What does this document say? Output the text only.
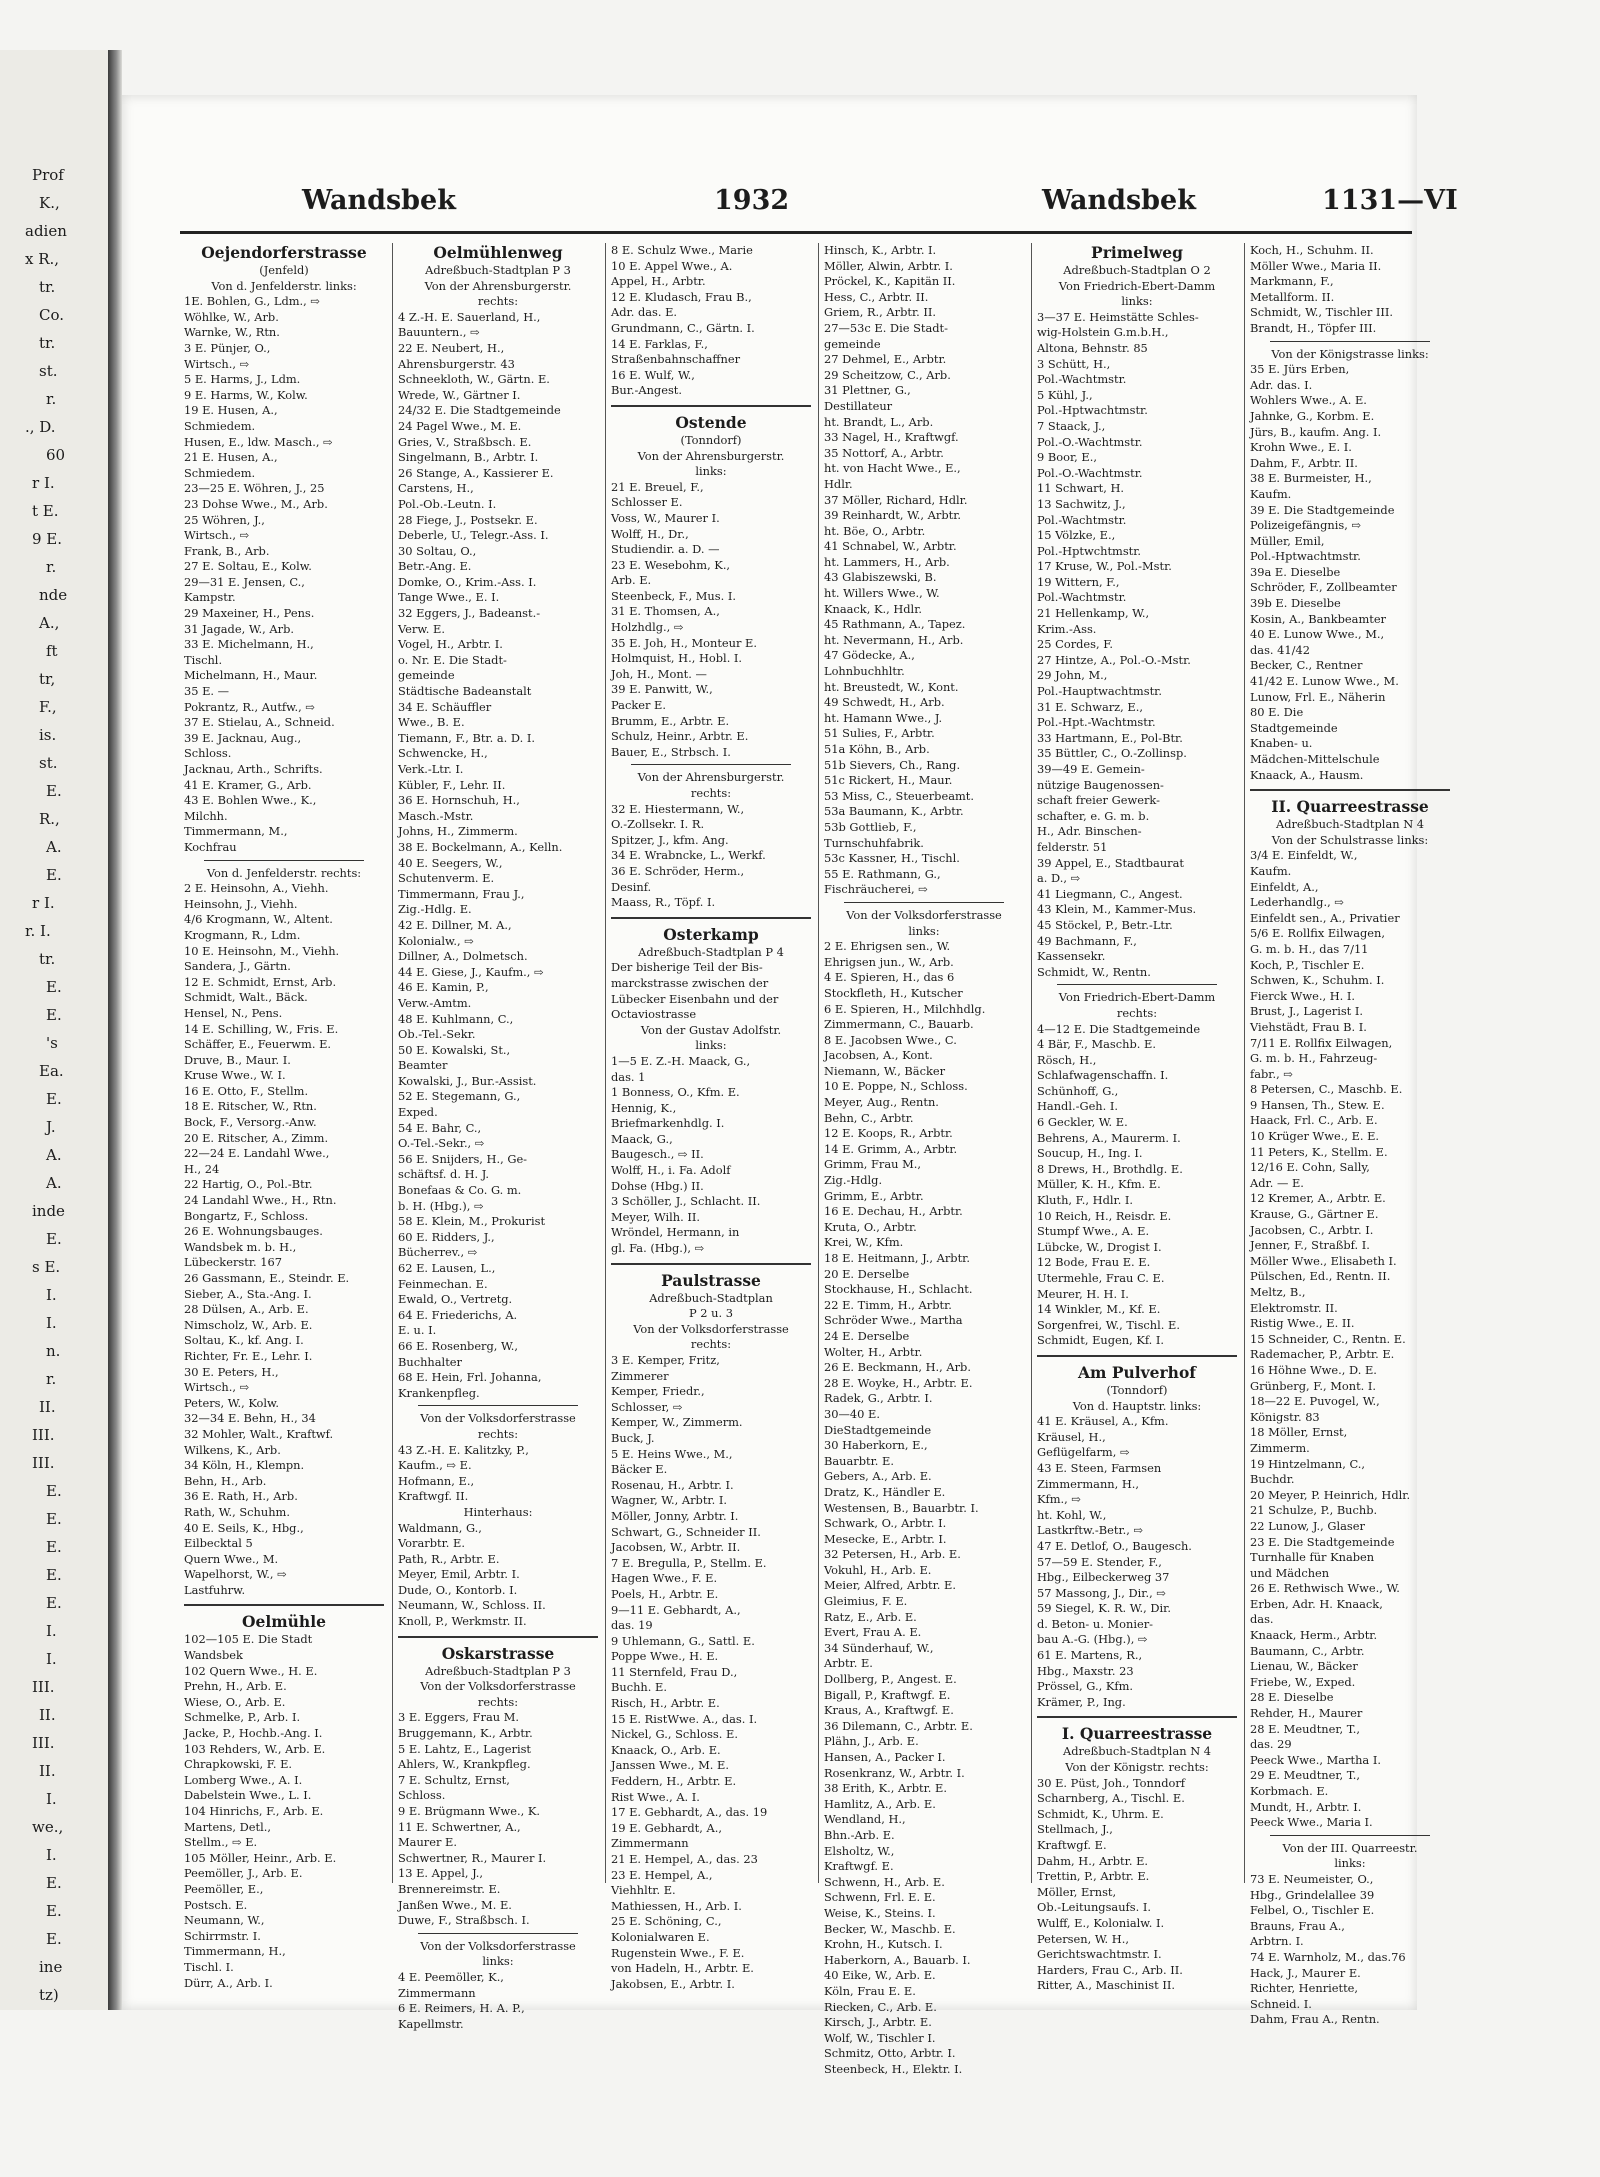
Prof
K.,
adien
x R.,
tr.
Co.
tr.
st.
r.
., D.
60
r I.
t E.
9 E.
r.
nde
A.,
ft
tr,
F.,
is.
st.
E.
R.,
A.
E.
r I.
r. I.
tr.
E.
E.
's
Ea.
E.
J.
A.
A.
inde
E.
s E.
I.
I.
n.
r.
II.
III.
III.
E.
E.
E.
E.
E.
I.
I.
III.
II.
III.
II.
I.
we.,
I.
E.
E.
E.
ine
tz)
Wandsbek	1932	Wandsbek	1131—VI
Oejendorferstrasse
(Jenfeld)
Von d. Jenfelderstr. links:
1E. Bohlen, G., Ldm., ⇨
Wöhlke, W., Arb.
Warnke, W., Rtn.
3 E. Pünjer, O.,
Wirtsch., ⇨
5 E. Harms, J., Ldm.
9 E. Harms, W., Kolw.
19 E. Husen, A.,
Schmiedem.
Husen, E., ldw. Masch., ⇨
21 E. Husen, A.,
Schmiedem.
23—25 E. Wöhren, J., 25
23 Dohse Wwe., M., Arb.
25 Wöhren, J.,
Wirtsch., ⇨
Frank, B., Arb.
27 E. Soltau, E., Kolw.
29—31 E. Jensen, C.,
Kampstr.
29 Maxeiner, H., Pens.
31 Jagade, W., Arb.
33 E. Michelmann, H.,
Tischl.
Michelmann, H., Maur.
35 E. —
Pokrantz, R., Autfw., ⇨
37 E. Stielau, A., Schneid.
39 E. Jacknau, Aug.,
Schloss.
Jacknau, Arth., Schrifts.
41 E. Kramer, G., Arb.
43 E. Bohlen Wwe., K.,
Milchh.
Timmermann, M.,
Kochfrau
Von d. Jenfelderstr. rechts:
2 E. Heinsohn, A., Viehh.
Heinsohn, J., Viehh.
4/6 Krogmann, W., Altent.
Krogmann, R., Ldm.
10 E. Heinsohn, M., Viehh.
Sandera, J., Gärtn.
12 E. Schmidt, Ernst, Arb.
Schmidt, Walt., Bäck.
Hensel, N., Pens.
14 E. Schilling, W., Fris. E.
Schäffer, E., Feuerwm. E.
Druve, B., Maur. I.
Kruse Wwe., W. I.
16 E. Otto, F., Stellm.
18 E. Ritscher, W., Rtn.
Bock, F., Versorg.-Anw.
20 E. Ritscher, A., Zimm.
22—24 E. Landahl Wwe.,
H., 24
22 Hartig, O., Pol.-Btr.
24 Landahl Wwe., H., Rtn.
Bongartz, F., Schloss.
26 E. Wohnungsbauges.
Wandsbek m. b. H.,
Lübeckerstr. 167
26 Gassmann, E., Steindr. E.
Sieber, A., Sta.-Ang. I.
28 Dülsen, A., Arb. E.
Nimscholz, W., Arb. E.
Soltau, K., kf. Ang. I.
Richter, Fr. E., Lehr. I.
30 E. Peters, H.,
Wirtsch., ⇨
Peters, W., Kolw.
32—34 E. Behn, H., 34
32 Mohler, Walt., Kraftwf.
Wilkens, K., Arb.
34 Köln, H., Klempn.
Behn, H., Arb.
36 E. Rath, H., Arb.
Rath, W., Schuhm.
40 E. Seils, K., Hbg.,
Eilbecktal 5
Quern Wwe., M.
Wapelhorst, W., ⇨
Lastfuhrw.
Oelmühle
102—105 E. Die Stadt
Wandsbek
102 Quern Wwe., H. E.
Prehn, H., Arb. E.
Wiese, O., Arb. E.
Schmelke, P., Arb. I.
Jacke, P., Hochb.-Ang. I.
103 Rehders, W., Arb. E.
Chrapkowski, F. E.
Lomberg Wwe., A. I.
Dabelstein Wwe., L. I.
104 Hinrichs, F., Arb. E.
Martens, Detl.,
Stellm., ⇨ E.
105 Möller, Heinr., Arb. E.
Peemöller, J., Arb. E.
Peemöller, E.,
Postsch. E.
Neumann, W.,
Schirrmstr. I.
Timmermann, H.,
Tischl. I.
Dürr, A., Arb. I.
Oelmühlenweg
Adreßbuch-Stadtplan P 3
Von der Ahrensburgerstr.
rechts:
4 Z.-H. E. Sauerland, H.,
Bauuntern., ⇨
22 E. Neubert, H.,
Ahrensburgerstr. 43
Schneekloth, W., Gärtn. E.
Wrede, W., Gärtner I.
24/32 E. Die Stadtgemeinde
24 Pagel Wwe., M. E.
Gries, V., Straßbsch. E.
Singelmann, B., Arbtr. I.
26 Stange, A., Kassierer E.
Carstens, H.,
Pol.-Ob.-Leutn. I.
28 Fiege, J., Postsekr. E.
Deberle, U., Telegr.-Ass. I.
30 Soltau, O.,
Betr.-Ang. E.
Domke, O., Krim.-Ass. I.
Tange Wwe., E. I.
32 Eggers, J., Badeanst.-
Verw. E.
Vogel, H., Arbtr. I.
o. Nr. E. Die Stadt-
gemeinde
Städtische Badeanstalt
34 E. Schäuffler
Wwe., B. E.
Tiemann, F., Btr. a. D. I.
Schwencke, H.,
Verk.-Ltr. I.
Kübler, F., Lehr. II.
36 E. Hornschuh, H.,
Masch.-Mstr.
Johns, H., Zimmerm.
38 E. Bockelmann, A., Kelln.
40 E. Seegers, W.,
Schutenverm. E.
Timmermann, Frau J.,
Zig.-Hdlg. E.
42 E. Dillner, M. A.,
Kolonialw., ⇨
Dillner, A., Dolmetsch.
44 E. Giese, J., Kaufm., ⇨
46 E. Kamin, P.,
Verw.-Amtm.
48 E. Kuhlmann, C.,
Ob.-Tel.-Sekr.
50 E. Kowalski, St.,
Beamter
Kowalski, J., Bur.-Assist.
52 E. Stegemann, G.,
Exped.
54 E. Bahr, C.,
O.-Tel.-Sekr., ⇨
56 E. Snijders, H., Ge-
schäftsf. d. H. J.
Bonefaas & Co. G. m.
b. H. (Hbg.), ⇨
58 E. Klein, M., Prokurist
60 E. Ridders, J.,
Bücherrev., ⇨
62 E. Lausen, L.,
Feinmechan. E.
Ewald, O., Vertretg.
64 E. Friederichs, A.
E. u. I.
66 E. Rosenberg, W.,
Buchhalter
68 E. Hein, Frl. Johanna,
Krankenpfleg.
Von der Volksdorferstrasse
rechts:
43 Z.-H. E. Kalitzky, P.,
Kaufm., ⇨ E.
Hofmann, E.,
Kraftwgf. II.
Hinterhaus:
Waldmann, G.,
Vorarbtr. E.
Path, R., Arbtr. E.
Meyer, Emil, Arbtr. I.
Dude, O., Kontorb. I.
Neumann, W., Schloss. II.
Knoll, P., Werkmstr. II.
Oskarstrasse
Adreßbuch-Stadtplan P 3
Von der Volksdorferstrasse
rechts:
3 E. Eggers, Frau M.
Bruggemann, K., Arbtr.
5 E. Lahtz, E., Lagerist
Ahlers, W., Krankpfleg.
7 E. Schultz, Ernst,
Schloss.
9 E. Brügmann Wwe., K.
11 E. Schwertner, A.,
Maurer E.
Schwertner, R., Maurer I.
13 E. Appel, J.,
Brennereimstr. E.
Janßen Wwe., M. E.
Duwe, F., Straßbsch. I.
Von der Volksdorferstrasse
links:
4 E. Peemöller, K.,
Zimmermann
6 E. Reimers, H. A. P.,
Kapellmstr.
8 E. Schulz Wwe., Marie
10 E. Appel Wwe., A.
Appel, H., Arbtr.
12 E. Kludasch, Frau B.,
Adr. das. E.
Grundmann, C., Gärtn. I.
14 E. Farklas, F.,
Straßenbahnschaffner
16 E. Wulf, W.,
Bur.-Angest.
Ostende
(Tonndorf)
Von der Ahrensburgerstr.
links:
21 E. Breuel, F.,
Schlosser E.
Voss, W., Maurer I.
Wolff, H., Dr.,
Studiendir. a. D. —
23 E. Wesebohm, K.,
Arb. E.
Steenbeck, F., Mus. I.
31 E. Thomsen, A.,
Holzhdlg., ⇨
35 E. Joh, H., Monteur E.
Holmquist, H., Hobl. I.
Joh, H., Mont. —
39 E. Panwitt, W.,
Packer E.
Brumm, E., Arbtr. E.
Schulz, Heinr., Arbtr. E.
Bauer, E., Strbsch. I.
Von der Ahrensburgerstr.
rechts:
32 E. Hiestermann, W.,
O.-Zollsekr. I. R.
Spitzer, J., kfm. Ang.
34 E. Wrabncke, L., Werkf.
36 E. Schröder, Herm.,
Desinf.
Maass, R., Töpf. I.
Osterkamp
Adreßbuch-Stadtplan P 4
Der bisherige Teil der Bis-
marckstrasse zwischen der
Lübecker Eisenbahn und der
Octaviostrasse
Von der Gustav Adolfstr.
links:
1—5 E. Z.-H. Maack, G.,
das. 1
1 Bonness, O., Kfm. E.
Hennig, K.,
Briefmarkenhdlg. I.
Maack, G.,
Baugesch., ⇨ II.
Wolff, H., i. Fa. Adolf
Dohse (Hbg.) II.
3 Schöller, J., Schlacht. II.
Meyer, Wilh. II.
Wröndel, Hermann, in
gl. Fa. (Hbg.), ⇨
Paulstrasse
Adreßbuch-Stadtplan
P 2 u. 3
Von der Volksdorferstrasse
rechts:
3 E. Kemper, Fritz,
Zimmerer
Kemper, Friedr.,
Schlosser, ⇨
Kemper, W., Zimmerm.
Buck, J.
5 E. Heins Wwe., M.,
Bäcker E.
Rosenau, H., Arbtr. I.
Wagner, W., Arbtr. I.
Möller, Jonny, Arbtr. I.
Schwart, G., Schneider II.
Jacobsen, W., Arbtr. II.
7 E. Bregulla, P., Stellm. E.
Hagen Wwe., F. E.
Poels, H., Arbtr. E.
9—11 E. Gebhardt, A.,
das. 19
9 Uhlemann, G., Sattl. E.
Poppe Wwe., H. E.
11 Sternfeld, Frau D.,
Buchh. E.
Risch, H., Arbtr. E.
15 E. RistWwe. A., das. I.
Nickel, G., Schloss. E.
Knaack, O., Arb. E.
Janssen Wwe., M. E.
Feddern, H., Arbtr. E.
Rist Wwe., A. I.
17 E. Gebhardt, A., das. 19
19 E. Gebhardt, A.,
Zimmermann
21 E. Hempel, A., das. 23
23 E. Hempel, A.,
Viehhltr. E.
Mathiessen, H., Arb. I.
25 E. Schöning, C.,
Kolonialwaren E.
Rugenstein Wwe., F. E.
von Hadeln, H., Arbtr. E.
Jakobsen, E., Arbtr. I.
Hinsch, K., Arbtr. I.
Möller, Alwin, Arbtr. I.
Pröckel, K., Kapitän II.
Hess, C., Arbtr. II.
Griem, R., Arbtr. II.
27—53c E. Die Stadt-
gemeinde
27 Dehmel, E., Arbtr.
29 Scheitzow, C., Arb.
31 Plettner, G.,
Destillateur
ht. Brandt, L., Arb.
33 Nagel, H., Kraftwgf.
35 Nottorf, A., Arbtr.
ht. von Hacht Wwe., E.,
Hdlr.
37 Möller, Richard, Hdlr.
39 Reinhardt, W., Arbtr.
ht. Böe, O., Arbtr.
41 Schnabel, W., Arbtr.
ht. Lammers, H., Arb.
43 Glabiszewski, B.
ht. Willers Wwe., W.
Knaack, K., Hdlr.
45 Rathmann, A., Tapez.
ht. Nevermann, H., Arb.
47 Gödecke, A.,
Lohnbuchhltr.
ht. Breustedt, W., Kont.
49 Schwedt, H., Arb.
ht. Hamann Wwe., J.
51 Sulies, F., Arbtr.
51a Köhn, B., Arb.
51b Sievers, Ch., Rang.
51c Rickert, H., Maur.
53 Miss, C., Steuerbeamt.
53a Baumann, K., Arbtr.
53b Gottlieb, F.,
Turnschuhfabrik.
53c Kassner, H., Tischl.
55 E. Rathmann, G.,
Fischräucherei, ⇨
Von der Volksdorferstrasse
links:
2 E. Ehrigsen sen., W.
Ehrigsen jun., W., Arb.
4 E. Spieren, H., das 6
Stockfleth, H., Kutscher
6 E. Spieren, H., Milchhdlg.
Zimmermann, C., Bauarb.
8 E. Jacobsen Wwe., C.
Jacobsen, A., Kont.
Niemann, W., Bäcker
10 E. Poppe, N., Schloss.
Meyer, Aug., Rentn.
Behn, C., Arbtr.
12 E. Koops, R., Arbtr.
14 E. Grimm, A., Arbtr.
Grimm, Frau M.,
Zig.-Hdlg.
Grimm, E., Arbtr.
16 E. Dechau, H., Arbtr.
Kruta, O., Arbtr.
Krei, W., Kfm.
18 E. Heitmann, J., Arbtr.
20 E. Derselbe
Stockhause, H., Schlacht.
22 E. Timm, H., Arbtr.
Schröder Wwe., Martha
24 E. Derselbe
Wolter, H., Arbtr.
26 E. Beckmann, H., Arb.
28 E. Woyke, H., Arbtr. E.
Radek, G., Arbtr. I.
30—40 E.
DieStadtgemeinde
30 Haberkorn, E.,
Bauarbtr. E.
Gebers, A., Arb. E.
Dratz, K., Händler E.
Westensen, B., Bauarbtr. I.
Schwark, O., Arbtr. I.
Mesecke, E., Arbtr. I.
32 Petersen, H., Arb. E.
Vokuhl, H., Arb. E.
Meier, Alfred, Arbtr. E.
Gleimius, F. E.
Ratz, E., Arb. E.
Evert, Frau A. E.
34 Sünderhauf, W.,
Arbtr. E.
Dollberg, P., Angest. E.
Bigall, P., Kraftwgf. E.
Kraus, A., Kraftwgf. E.
36 Dilemann, C., Arbtr. E.
Plähn, J., Arb. E.
Hansen, A., Packer I.
Rosenkranz, W., Arbtr. I.
38 Erith, K., Arbtr. E.
Hamlitz, A., Arb. E.
Wendland, H.,
Bhn.-Arb. E.
Elsholtz, W.,
Kraftwgf. E.
Schwenn, H., Arb. E.
Schwenn, Frl. E. E.
Weise, K., Steins. I.
Becker, W., Maschb. E.
Krohn, H., Kutsch. I.
Haberkorn, A., Bauarb. I.
40 Eike, W., Arb. E.
Köln, Frau E. E.
Riecken, C., Arb. E.
Kirsch, J., Arbtr. E.
Wolf, W., Tischler I.
Schmitz, Otto, Arbtr. I.
Steenbeck, H., Elektr. I.
Primelweg
Adreßbuch-Stadtplan O 2
Von Friedrich-Ebert-Damm
links:
3—37 E. Heimstätte Schles-
wig-Holstein G.m.b.H.,
Altona, Behnstr. 85
3 Schütt, H.,
Pol.-Wachtmstr.
5 Kühl, J.,
Pol.-Hptwachtmstr.
7 Staack, J.,
Pol.-O.-Wachtmstr.
9 Boor, E.,
Pol.-O.-Wachtmstr.
11 Schwart, H.
13 Sachwitz, J.,
Pol.-Wachtmstr.
15 Völzke, E.,
Pol.-Hptwchtmstr.
17 Kruse, W., Pol.-Mstr.
19 Wittern, F.,
Pol.-Wachtmstr.
21 Hellenkamp, W.,
Krim.-Ass.
25 Cordes, F.
27 Hintze, A., Pol.-O.-Mstr.
29 John, M.,
Pol.-Hauptwachtmstr.
31 E. Schwarz, E.,
Pol.-Hpt.-Wachtmstr.
33 Hartmann, E., Pol-Btr.
35 Büttler, C., O.-Zollinsp.
39—49 E. Gemein-
nützige Baugenossen-
schaft freier Gewerk-
schafter, e. G. m. b.
H., Adr. Binschen-
felderstr. 51
39 Appel, E., Stadtbaurat
a. D., ⇨
41 Liegmann, C., Angest.
43 Klein, M., Kammer-Mus.
45 Stöckel, P., Betr.-Ltr.
49 Bachmann, F.,
Kassensekr.
Schmidt, W., Rentn.
Von Friedrich-Ebert-Damm
rechts:
4—12 E. Die Stadtgemeinde
4 Bär, F., Maschb. E.
Rösch, H.,
Schlafwagenschaffn. I.
Schünhoff, G.,
Handl.-Geh. I.
6 Geckler, W. E.
Behrens, A., Maurerm. I.
Soucup, H., Ing. I.
8 Drews, H., Brothdlg. E.
Müller, K. H., Kfm. E.
Kluth, F., Hdlr. I.
10 Reich, H., Reisdr. E.
Stumpf Wwe., A. E.
Lübcke, W., Drogist I.
12 Bode, Frau E. E.
Utermehle, Frau C. E.
Meurer, H. H. I.
14 Winkler, M., Kf. E.
Sorgenfrei, W., Tischl. E.
Schmidt, Eugen, Kf. I.
Am Pulverhof
(Tonndorf)
Von d. Hauptstr. links:
41 E. Kräusel, A., Kfm.
Kräusel, H.,
Geflügelfarm, ⇨
43 E. Steen, Farmsen
Zimmermann, H.,
Kfm., ⇨
ht. Kohl, W.,
Lastkrftw.-Betr., ⇨
47 E. Detlof, O., Baugesch.
57—59 E. Stender, F.,
Hbg., Eilbeckerweg 37
57 Massong, J., Dir., ⇨
59 Siegel, K. R. W., Dir.
d. Beton- u. Monier-
bau A.-G. (Hbg.), ⇨
61 E. Martens, R.,
Hbg., Maxstr. 23
Prössel, G., Kfm.
Krämer, P., Ing.
I. Quarreestrasse
Adreßbuch-Stadtplan N 4
Von der Königstr. rechts:
30 E. Püst, Joh., Tonndorf
Scharnberg, A., Tischl. E.
Schmidt, K., Uhrm. E.
Stellmach, J.,
Kraftwgf. E.
Dahm, H., Arbtr. E.
Trettin, P., Arbtr. E.
Möller, Ernst,
Ob.-Leitungsaufs. I.
Wulff, E., Kolonialw. I.
Petersen, W. H.,
Gerichtswachtmstr. I.
Harders, Frau C., Arb. II.
Ritter, A., Maschinist II.
Koch, H., Schuhm. II.
Möller Wwe., Maria II.
Markmann, F.,
Metallform. II.
Schmidt, W., Tischler III.
Brandt, H., Töpfer III.
Von der Königstrasse links:
35 E. Jürs Erben,
Adr. das. I.
Wohlers Wwe., A. E.
Jahnke, G., Korbm. E.
Jürs, B., kaufm. Ang. I.
Krohn Wwe., E. I.
Dahm, F., Arbtr. II.
38 E. Burmeister, H.,
Kaufm.
39 E. Die Stadtgemeinde
Polizeigefängnis, ⇨
Müller, Emil,
Pol.-Hptwachtmstr.
39a E. Dieselbe
Schröder, F., Zollbeamter
39b E. Dieselbe
Kosin, A., Bankbeamter
40 E. Lunow Wwe., M.,
das. 41/42
Becker, C., Rentner
41/42 E. Lunow Wwe., M.
Lunow, Frl. E., Näherin
80 E. Die
Stadtgemeinde
Knaben- u.
Mädchen-Mittelschule
Knaack, A., Hausm.
II. Quarreestrasse
Adreßbuch-Stadtplan N 4
Von der Schulstrasse links:
3/4 E. Einfeldt, W.,
Kaufm.
Einfeldt, A.,
Lederhandlg., ⇨
Einfeldt sen., A., Privatier
5/6 E. Rollfix Eilwagen,
G. m. b. H., das 7/11
Koch, P., Tischler E.
Schwen, K., Schuhm. I.
Fierck Wwe., H. I.
Brust, J., Lagerist I.
Viehstädt, Frau B. I.
7/11 E. Rollfix Eilwagen,
G. m. b. H., Fahrzeug-
fabr., ⇨
8 Petersen, C., Maschb. E.
9 Hansen, Th., Stew. E.
Haack, Frl. C., Arb. E.
10 Krüger Wwe., E. E.
11 Peters, K., Stellm. E.
12/16 E. Cohn, Sally,
Adr. — E.
12 Kremer, A., Arbtr. E.
Krause, G., Gärtner E.
Jacobsen, C., Arbtr. I.
Jenner, F., Straßbf. I.
Möller Wwe., Elisabeth I.
Pülschen, Ed., Rentn. II.
Meltz, B.,
Elektromstr. II.
Ristig Wwe., E. II.
15 Schneider, C., Rentn. E.
Rademacher, P., Arbtr. E.
16 Höhne Wwe., D. E.
Grünberg, F., Mont. I.
18—22 E. Puvogel, W.,
Königstr. 83
18 Möller, Ernst,
Zimmerm.
19 Hintzelmann, C.,
Buchdr.
20 Meyer, P. Heinrich, Hdlr.
21 Schulze, P., Buchb.
22 Lunow, J., Glaser
23 E. Die Stadtgemeinde
Turnhalle für Knaben
und Mädchen
26 E. Rethwisch Wwe., W.
Erben, Adr. H. Knaack,
das.
Knaack, Herm., Arbtr.
Baumann, C., Arbtr.
Lienau, W., Bäcker
Friebe, W., Exped.
28 E. Dieselbe
Rehder, H., Maurer
28 E. Meudtner, T.,
das. 29
Peeck Wwe., Martha I.
29 E. Meudtner, T.,
Korbmach. E.
Mundt, H., Arbtr. I.
Peeck Wwe., Maria I.
Von der III. Quarreestr.
links:
73 E. Neumeister, O.,
Hbg., Grindelallee 39
Felbel, O., Tischler E.
Brauns, Frau A.,
Arbtrn. I.
74 E. Warnholz, M., das.76
Hack, J., Maurer E.
Richter, Henriette,
Schneid. I.
Dahm, Frau A., Rentn.
